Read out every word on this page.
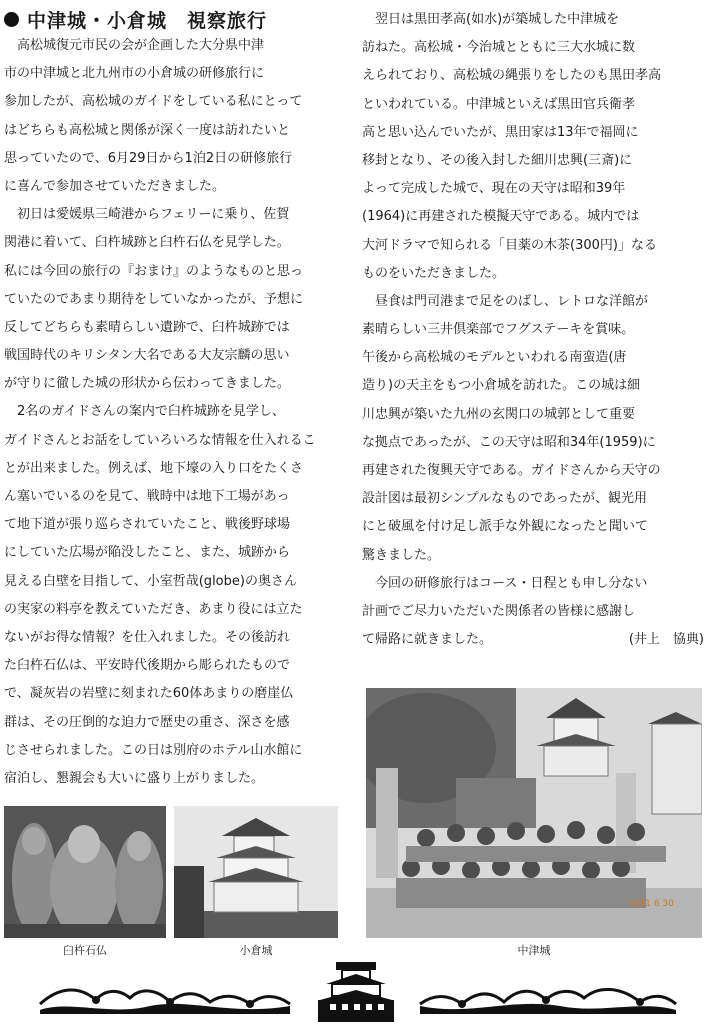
中津城・小倉城　視察旅行
高松城復元市民の会が企画した大分県中津
市の中津城と北九州市の小倉城の研修旅行に
参加したが、高松城のガイドをしている私にとって
はどちらも高松城と関係が深く一度は訪れたいと
思っていたので、6月29日から1泊2日の研修旅行
に喜んで参加させていただきました。
初日は愛媛県三崎港からフェリーに乗り、佐賀
関港に着いて、臼杵城跡と臼杵石仏を見学した。
私には今回の旅行の『おまけ』のようなものと思っ
ていたのであまり期待をしていなかったが、予想に
反してどちらも素晴らしい遺跡で、臼杵城跡では
戦国時代のキリシタン大名である大友宗麟の思い
が守りに徹した城の形状から伝わってきました。
2名のガイドさんの案内で臼杵城跡を見学し、
ガイドさんとお話をしていろいろな情報を仕入れるこ
とが出来ました。例えば、地下壕の入り口をたくさ
ん塞いでいるのを見て、戦時中は地下工場があっ
て地下道が張り巡らされていたこと、戦後野球場
にしていた広場が陥没したこと、また、城跡から
見える白壁を目指して、小室哲哉(globe)の奥さん
の実家の料亭を教えていただき、あまり役には立た
ないがお得な情報？を仕入れました。その後訪れ
た臼杵石仏は、平安時代後期から彫られたもので
で、凝灰岩の岩壁に刻まれた60体あまりの磨崖仏
群は、その圧倒的な迫力で歴史の重さ、深さを感
じさせられました。この日は別府のホテル山水館に
宿泊し、懇親会も大いに盛り上がりました。
翌日は黒田孝高(如水)が築城した中津城を
訪ねた。高松城・今治城とともに三大水城に数
えられており、高松城の縄張りをしたのも黒田孝高
といわれている。中津城といえば黒田官兵衛孝
高と思い込んでいたが、黒田家は13年で福岡に
移封となり、その後入封した細川忠興(三斎)に
よって完成した城で、現在の天守は昭和39年
(1964)に再建された模擬天守である。城内では
大河ドラマで知られる「目薬の木茶(300円)」なる
ものをいただきました。
昼食は門司港まで足をのばし、レトロな洋館が
素晴らしい三井倶楽部でフグステーキを賞味。
午後から高松城のモデルといわれる南蛮造(唐
造り)の天主をもつ小倉城を訪れた。この城は細
川忠興が築いた九州の玄関口の城郭として重要
な拠点であったが、この天守は昭和34年(1959)に
再建された復興天守である。ガイドさんから天守の
設計図は最初シンプルなものであったが、観光用
にと破風を付け足し派手な外観になったと聞いて
驚きました。
今回の研修旅行はコース・日程とも申し分ない
計画でご尽力いただいた関係者の皆様に感謝し
て帰路に就きました。	(井上　協典)
臼杵石仏	小倉城
2011 6 30
中津城
